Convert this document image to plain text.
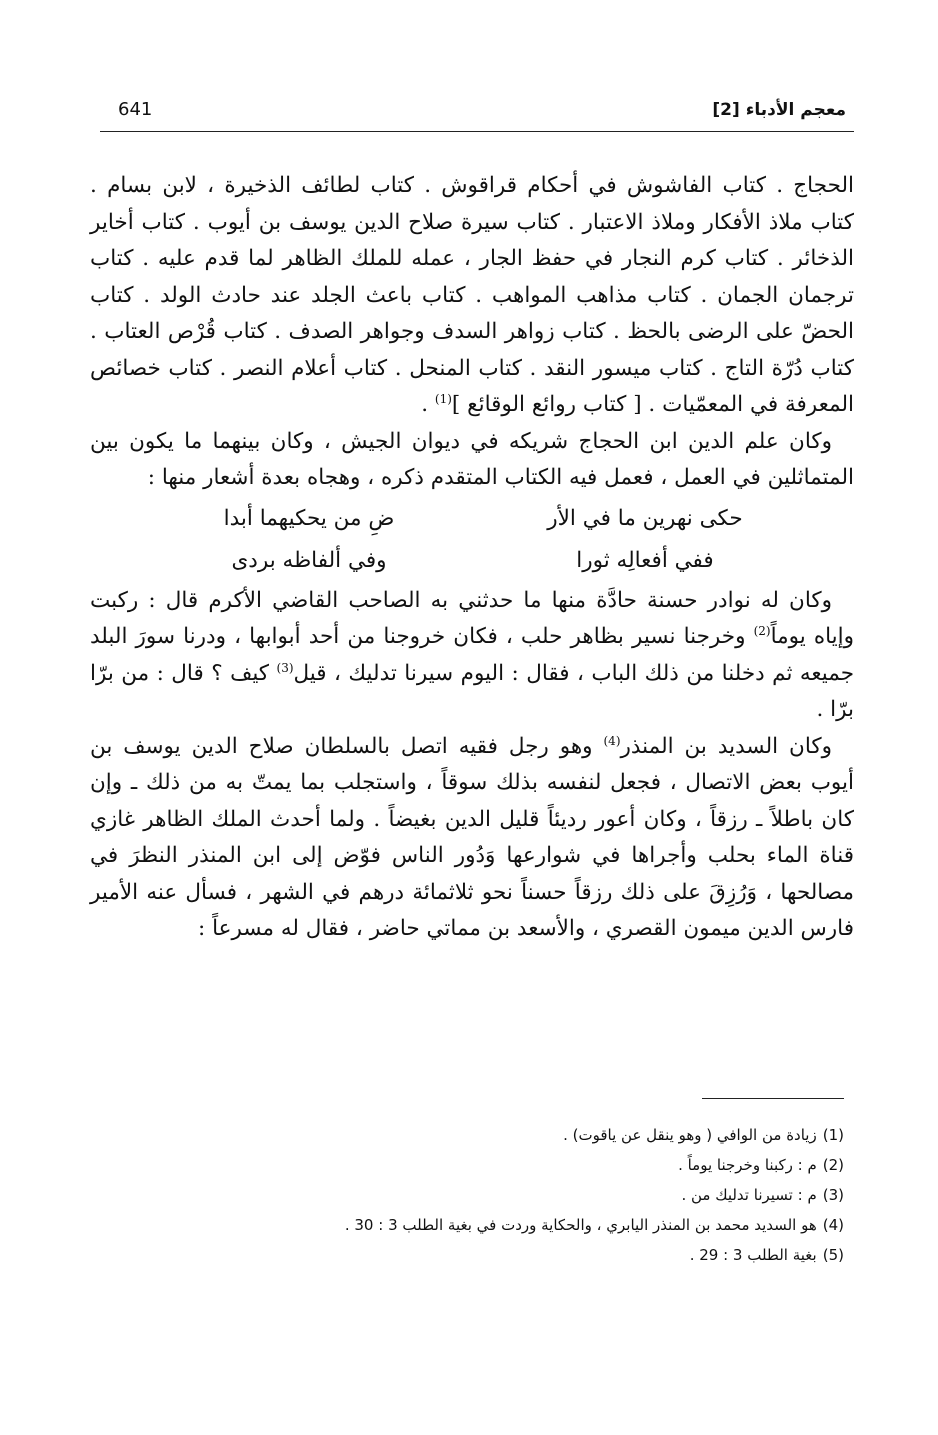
معجم الأدباء [2]
641

الحجاج . كتاب الفاشوش في أحكام قراقوش . كتاب لطائف الذخيرة ، لابن بسام . كتاب ملاذ الأفكار وملاذ الاعتبار . كتاب سيرة صلاح الدين يوسف بن أيوب . كتاب أخاير الذخائر . كتاب كرم النجار في حفظ الجار ، عمله للملك الظاهر لما قدم عليه . كتاب ترجمان الجمان . كتاب مذاهب المواهب . كتاب باعث الجلد عند حادث الولد . كتاب الحضّ على الرضى بالحظ . كتاب زواهر السدف وجواهر الصدف . كتاب قُرْص العتاب . كتاب دُرّة التاج . كتاب ميسور النقد . كتاب المنحل . كتاب أعلام النصر . كتاب خصائص المعرفة في المعمّيات . [ كتاب روائع الوقائع ]$^{(1)}$ .

وكان علم الدين ابن الحجاج شريكه في ديوان الجيش ، وكان بينهما ما يكون بين المتماثلين في العمل ، فعمل فيه الكتاب المتقدم ذكره ، وهجاه بعدة أشعار منها :

حكى نهرين ما في الأر
ضِ من يحكيهما أبدا
ففي أفعالِه ثورا
وفي ألفاظه بردى

وكان له نوادر حسنة حادَّة منها ما حدثني به الصاحب القاضي الأكرم قال : ركبت وإياه يوماً$^{(2)}$ وخرجنا نسير بظاهر حلب ، فكان خروجنا من أحد أبوابها ، ودرنا سورَ البلد جميعه ثم دخلنا من ذلك الباب ، فقال : اليوم سيرنا تدليك ، قيل$^{(3)}$ كيف ؟ قال : من برّا برّا .

وكان السديد بن المنذر$^{(4)}$ وهو رجل فقيه اتصل بالسلطان صلاح الدين يوسف بن أيوب بعض الاتصال ، فجعل لنفسه بذلك سوقاً ، واستجلب بما يمتّ به من ذلك ـ وإن كان باطلاً ـ رزقاً ، وكان أعور رديئاً قليل الدين بغيضاً . ولما أحدث الملك الظاهر غازي قناة الماء بحلب وأجراها في شوارعها وَدُور الناس فوّض إلى ابن المنذر النظرَ في مصالحها ، وَرُزِقَ على ذلك رزقاً حسناً نحو ثلاثمائة درهم في الشهر ، فسأل عنه الأمير فارس الدين ميمون القصري ، والأسعد بن مماتي حاضر ، فقال له مسرعاً :

(1)زيادة من الوافي ( وهو ينقل عن ياقوت) .
(2)م : ركبنا وخرجنا يوماً .
(3)م : تسيرنا تدليك من .
(4)هو السديد محمد بن المنذر اليابري ، والحكاية وردت في بغية الطلب 3 : 30 .
(5)بغية الطلب 3 : 29 .
